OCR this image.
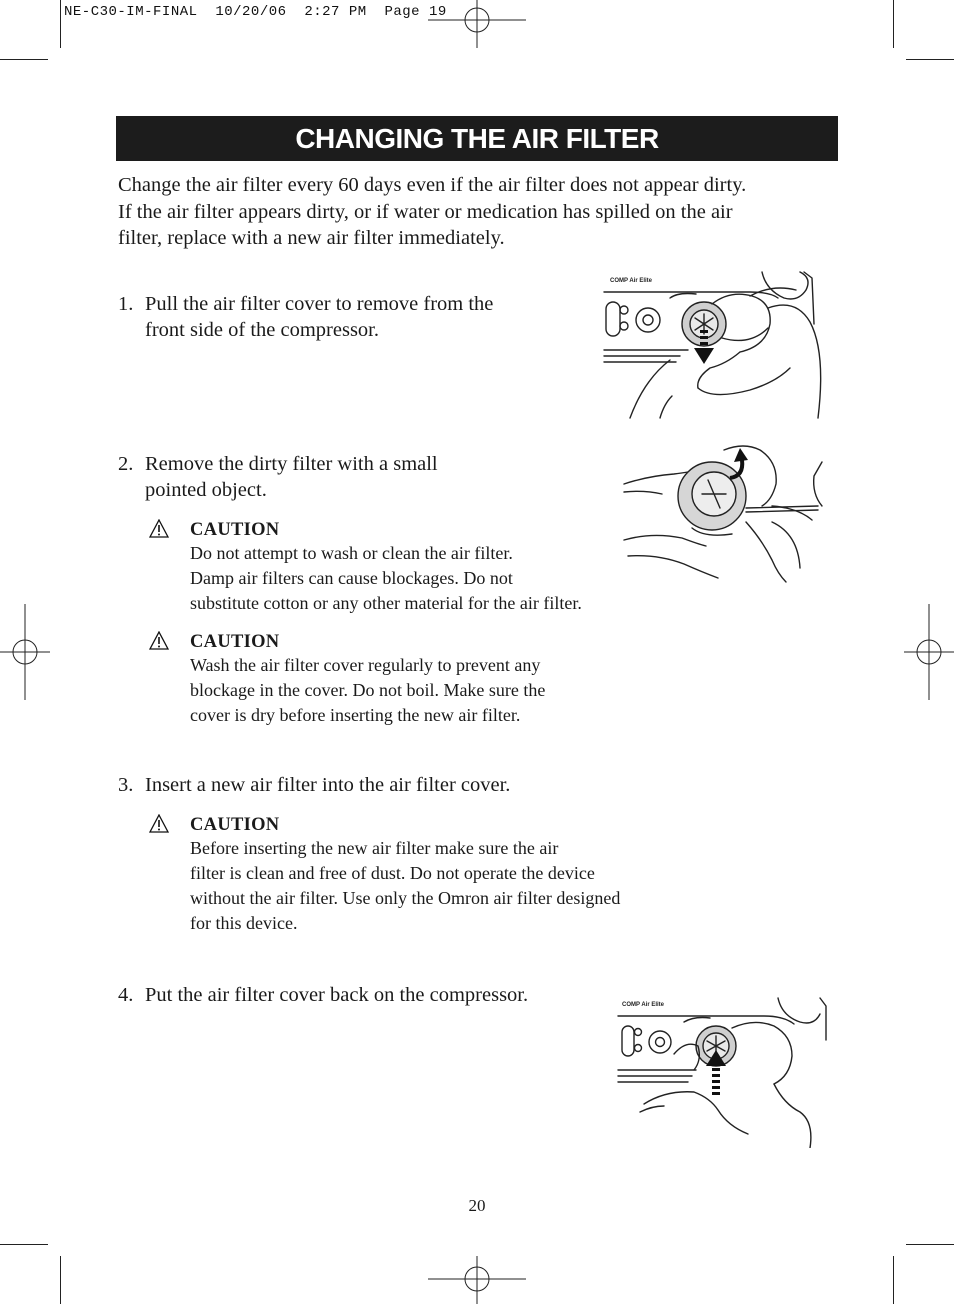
NE-C30-IM-FINAL  10/20/06  2:27 PM  Page 19
CHANGING THE AIR FILTER
Change the air filter every 60 days even if the air filter does not appear dirty.
If the air filter appears dirty, or if water or medication has spilled on the air
filter, replace with a new air filter immediately.
1. Pull the air filter cover to remove from the
front side of the compressor.
2. Remove the dirty filter with a small
pointed object.
CAUTION
Do not attempt to wash or clean the air filter.
Damp air filters can cause blockages. Do not
substitute cotton or any other material for the air filter.
CAUTION
Wash the air filter cover regularly to prevent any
blockage in the cover. Do not boil. Make sure the
cover is dry before inserting the new air filter.
3. Insert a new air filter into the air filter cover.
CAUTION
Before inserting the new air filter make sure the air
filter is clean and free of dust. Do not operate the device
without the air filter. Use only the Omron air filter designed
for this device.
4. Put the air filter cover back on the compressor.
COMP Air Elite
COMP Air Elite
20
